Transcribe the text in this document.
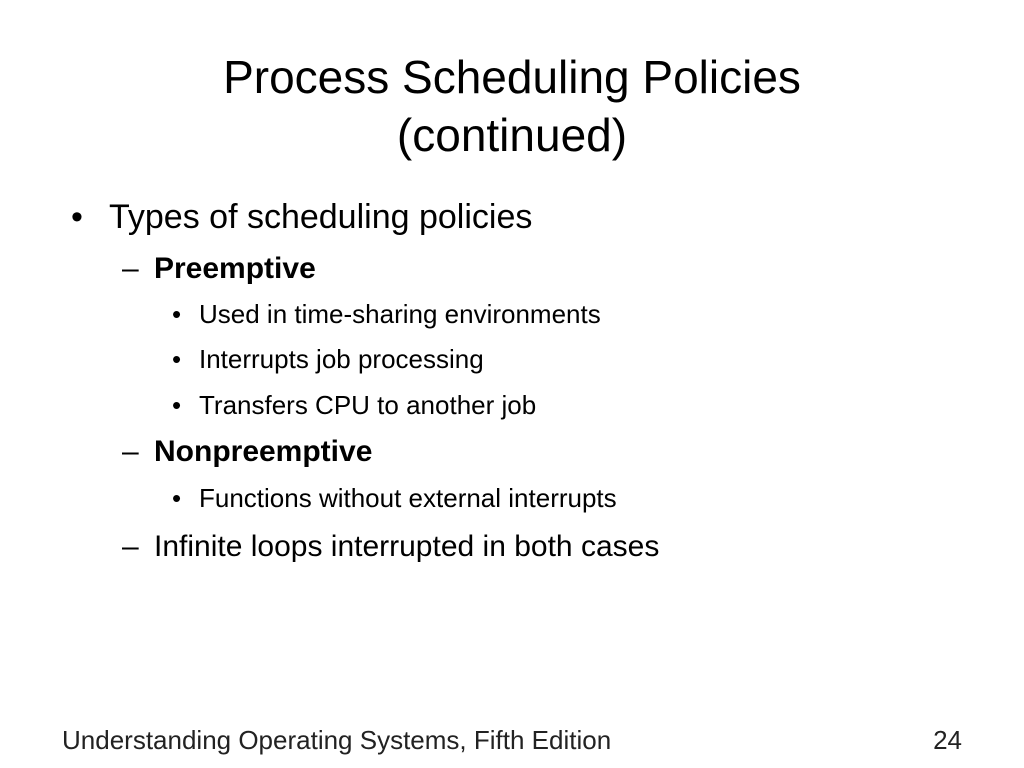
Process Scheduling Policies
(continued)
• Types of scheduling policies
– Preemptive
• Used in time-sharing environments
• Interrupts job processing
• Transfers CPU to another job
– Nonpreemptive
• Functions without external interrupts
– Infinite loops interrupted in both cases
Understanding Operating Systems, Fifth Edition	24
